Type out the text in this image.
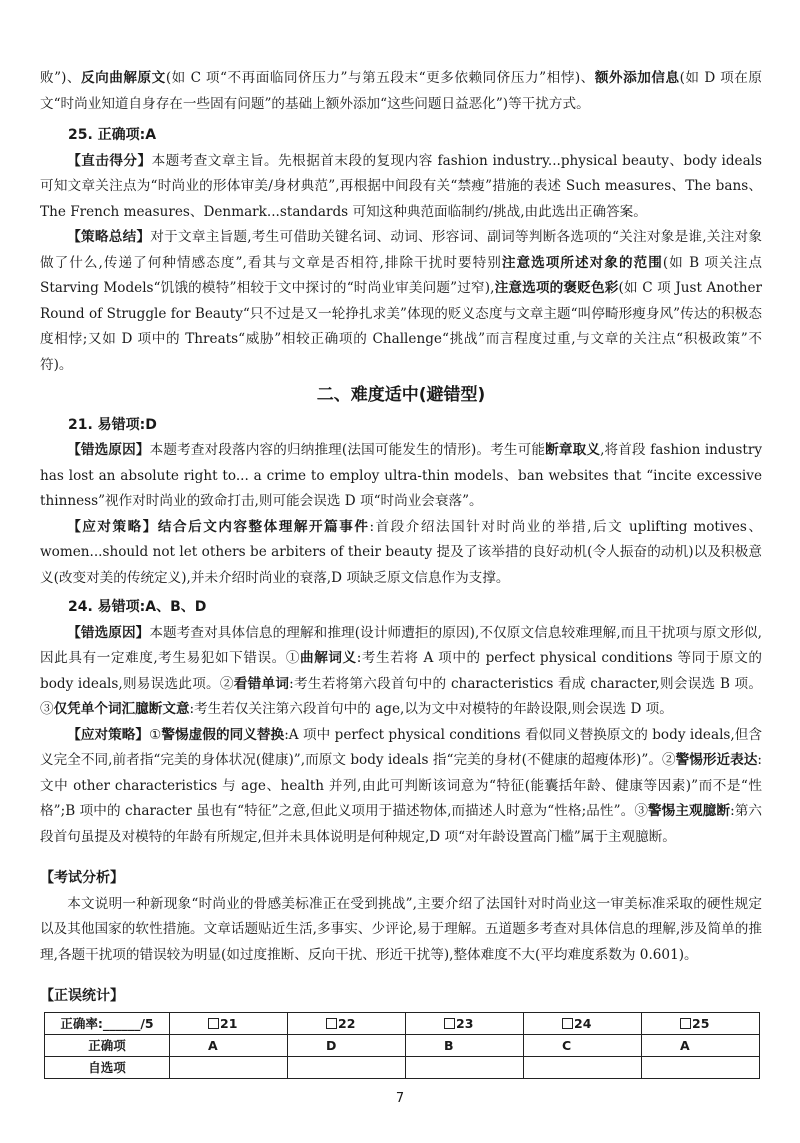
败”)、反向曲解原文(如 C 项“不再面临同侪压力”与第五段末“更多依赖同侪压力”相悖)、额外添加信息(如 D 项在原文“时尚业知道自身存在一些固有问题”的基础上额外添加“这些问题日益恶化”)等干扰方式。

25. 正确项:A

【直击得分】本题考查文章主旨。先根据首末段的复现内容 fashion industry...physical beauty、body ideals 可知文章关注点为“时尚业的形体审美/身材典范”,再根据中间段有关“禁瘦”措施的表述 Such measures、The bans、The French measures、Denmark...standards 可知这种典范面临制约/挑战,由此选出正确答案。

【策略总结】对于文章主旨题,考生可借助关键名词、动词、形容词、副词等判断各选项的“关注对象是谁,关注对象做了什么,传递了何种情感态度”,看其与文章是否相符,排除干扰时要特别注意选项所述对象的范围(如 B 项关注点 Starving Models“饥饿的模特”相较于文中探讨的“时尚业审美问题”过窄),注意选项的褒贬色彩(如 C 项 Just Another Round of Struggle for Beauty“只不过是又一轮挣扎求美”体现的贬义态度与文章主题“叫停畸形瘦身风”传达的积极态度相悖;又如 D 项中的 Threats“威胁”相较正确项的 Challenge“挑战”而言程度过重,与文章的关注点“积极政策”不符)。

二、难度适中(避错型)
21. 易错项:D

【错选原因】本题考查对段落内容的归纳推理(法国可能发生的情形)。考生可能断章取义,将首段 fashion industry has lost an absolute right to... a crime to employ ultra-thin models、ban websites that “incite excessive thinness”视作对时尚业的致命打击,则可能会误选 D 项“时尚业会衰落”。

【应对策略】结合后文内容整体理解开篇事件:首段介绍法国针对时尚业的举措,后文 uplifting motives、women...should not let others be arbiters of their beauty 提及了该举措的良好动机(令人振奋的动机)以及积极意义(改变对美的传统定义),并未介绍时尚业的衰落,D 项缺乏原文信息作为支撑。

24. 易错项:A、B、D

【错选原因】本题考查对具体信息的理解和推理(设计师遭拒的原因),不仅原文信息较难理解,而且干扰项与原文形似,因此具有一定难度,考生易犯如下错误。①曲解词义:考生若将 A 项中的 perfect physical conditions 等同于原文的 body ideals,则易误选此项。②看错单词:考生若将第六段首句中的 characteristics 看成 character,则会误选 B 项。③仅凭单个词汇臆断文意:考生若仅关注第六段首句中的 age,以为文中对模特的年龄设限,则会误选 D 项。

【应对策略】①警惕虚假的同义替换:A 项中 perfect physical conditions 看似同义替换原文的 body ideals,但含义完全不同,前者指“完美的身体状况(健康)”,而原文 body ideals 指“完美的身材(不健康的超瘦体形)”。②警惕形近表达:文中 other characteristics 与 age、health 并列,由此可判断该词意为“特征(能囊括年龄、健康等因素)”而不是“性格”;B 项中的 character 虽也有“特征”之意,但此义项用于描述物体,而描述人时意为“性格;品性”。③警惕主观臆断:第六段首句虽提及对模特的年龄有所规定,但并未具体说明是何种规定,D 项“对年龄设置高门槛”属于主观臆断。

【考试分析】

本文说明一种新现象“时尚业的骨感美标准正在受到挑战”,主要介绍了法国针对时尚业这一审美标准采取的硬性规定以及其他国家的软性措施。文章话题贴近生活,多事实、少评论,易于理解。五道题多考查对具体信息的理解,涉及简单的推理,各题干扰项的错误较为明显(如过度推断、反向干扰、形近干扰等),整体难度不大(平均难度系数为 0.601)。

【正误统计】
正确率:______/5	21	22	23	24	25
正确项	A	D	B	C	A
自选项					
7
